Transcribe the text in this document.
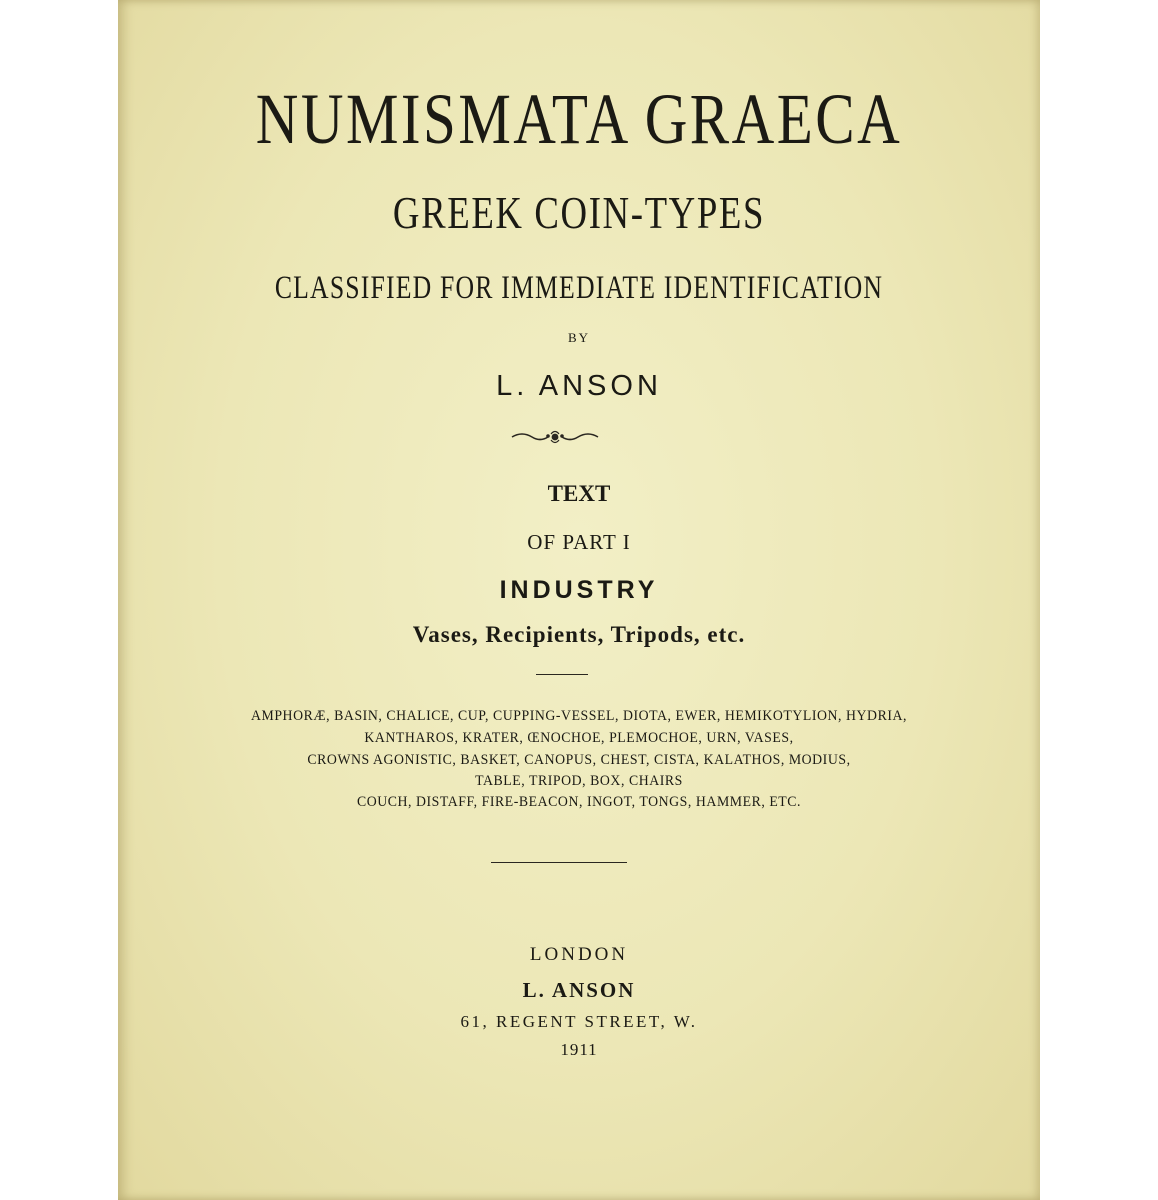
NUMISMATA GRAECA
GREEK COIN-TYPES
CLASSIFIED FOR IMMEDIATE IDENTIFICATION
BY
L. ANSON
TEXT
OF PART I
INDUSTRY
Vases, Recipients, Tripods, etc.
AMPHORÆ, BASIN, CHALICE, CUP, CUPPING-VESSEL, DIOTA, EWER, HEMIKOTYLION, HYDRIA,
KANTHAROS, KRATER, ŒNOCHOE, PLEMOCHOE, URN, VASES,
CROWNS AGONISTIC, BASKET, CANOPUS, CHEST, CISTA, KALATHOS, MODIUS,
TABLE, TRIPOD, BOX, CHAIRS
COUCH, DISTAFF, FIRE-BEACON, INGOT, TONGS, HAMMER, ETC.
LONDON
L. ANSON
61, REGENT STREET, W.
1911
